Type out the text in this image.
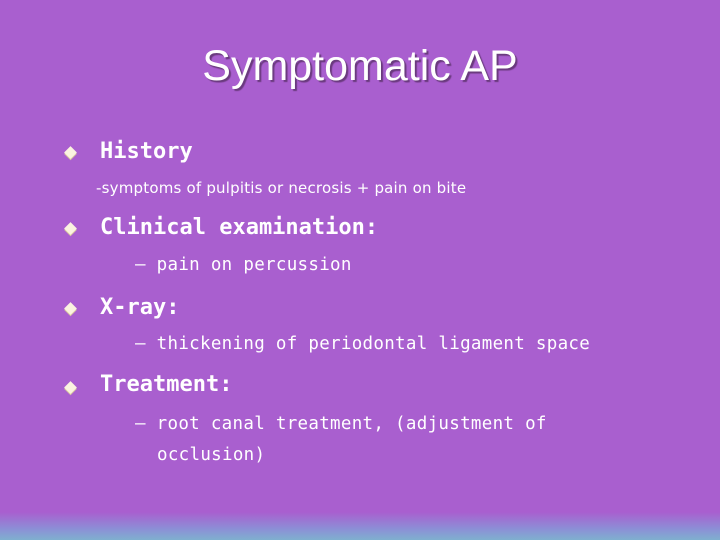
Symptomatic AP
History
-symptoms of pulpitis or necrosis + pain on bite
Clinical examination:
– pain on percussion
X-ray:
– thickening of periodontal ligament space
Treatment:
– root canal treatment, (adjustment of
occlusion)
